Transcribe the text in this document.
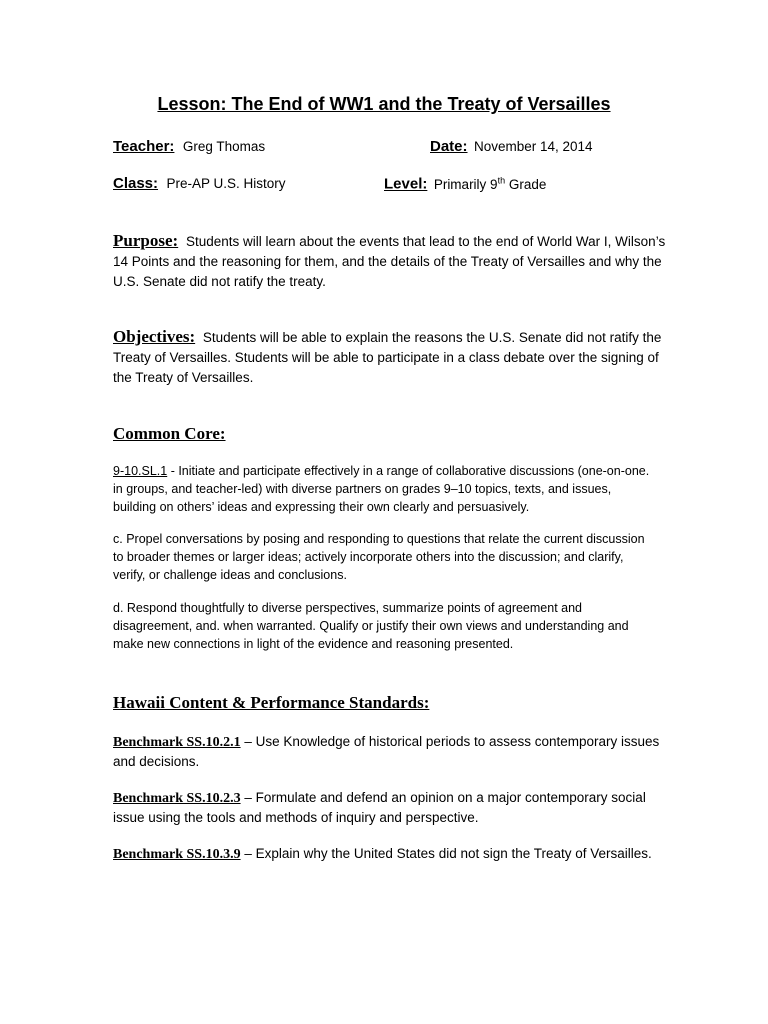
Lesson: The End of WW1 and the Treaty of Versailles
Teacher: Greg Thomas	Date: November 14, 2014
Class: Pre-AP U.S. History	Level: Primarily 9th Grade
Purpose: Students will learn about the events that lead to the end of World War I, Wilson’s 14 Points and the reasoning for them, and the details of the Treaty of Versailles and why the U.S. Senate did not ratify the treaty.
Objectives: Students will be able to explain the reasons the U.S. Senate did not ratify the Treaty of Versailles. Students will be able to participate in a class debate over the signing of the Treaty of Versailles.
Common Core:
9-10.SL.1 - Initiate and participate effectively in a range of collaborative discussions (one-on-one. in groups, and teacher-led) with diverse partners on grades 9–10 topics, texts, and issues, building on others’ ideas and expressing their own clearly and persuasively.
c. Propel conversations by posing and responding to questions that relate the current discussion to broader themes or larger ideas; actively incorporate others into the discussion; and clarify, verify, or challenge ideas and conclusions.
d. Respond thoughtfully to diverse perspectives, summarize points of agreement and disagreement, and. when warranted. Qualify or justify their own views and understanding and make new connections in light of the evidence and reasoning presented.
Hawaii Content & Performance Standards:
Benchmark SS.10.2.1 – Use Knowledge of historical periods to assess contemporary issues and decisions.
Benchmark SS.10.2.3 – Formulate and defend an opinion on a major contemporary social issue using the tools and methods of inquiry and perspective.
Benchmark SS.10.3.9 – Explain why the United States did not sign the Treaty of Versailles.
